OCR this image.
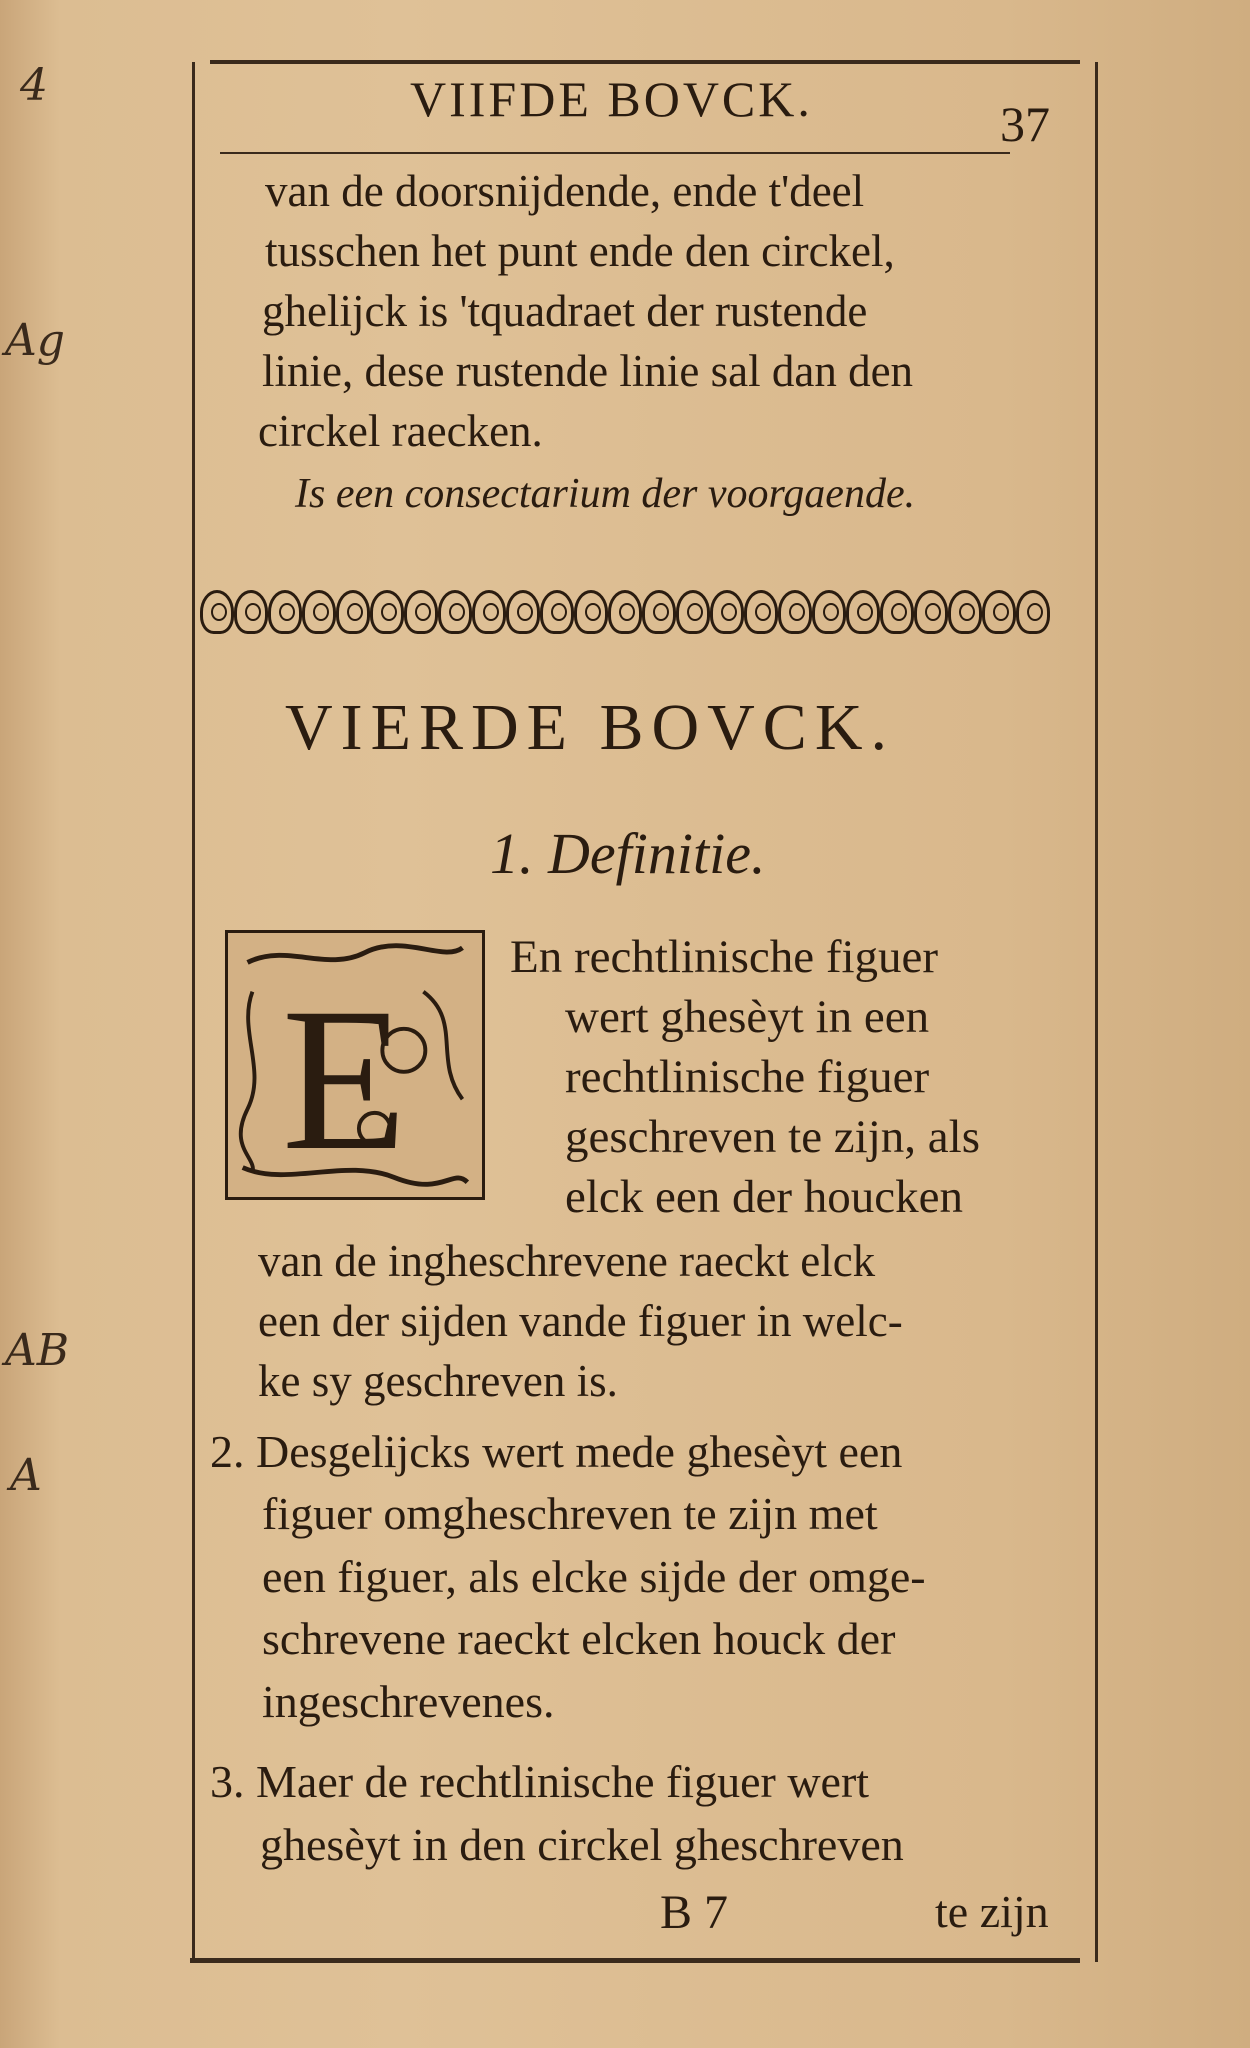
4
Ag
AB
A
VIIFDE BOVCK.	37
van de doorsnijdende, ende t'deel
tusschen het punt ende den circkel,
ghelijck is 'tquadraet der rustende
linie, dese rustende linie sal dan den
circkel raecken.
Is een consectarium der voorgaende.
VIERDE BOVCK.
1. Definitie.
E
En rechtlinische figuer
wert ghesèyt in een
rechtlinische figuer
geschreven te zijn, als
elck een der houcken
van de ingheschrevene raeckt elck
een der sijden vande figuer in welc-
ke sy geschreven is.
2. Desgelijcks wert mede ghesèyt een
figuer omgheschreven te zijn met
een figuer, als elcke sijde der omge-
schrevene raeckt elcken houck der
ingeschrevenes.
3. Maer de rechtlinische figuer wert
ghesèyt in den circkel gheschreven
B 7	te zijn
